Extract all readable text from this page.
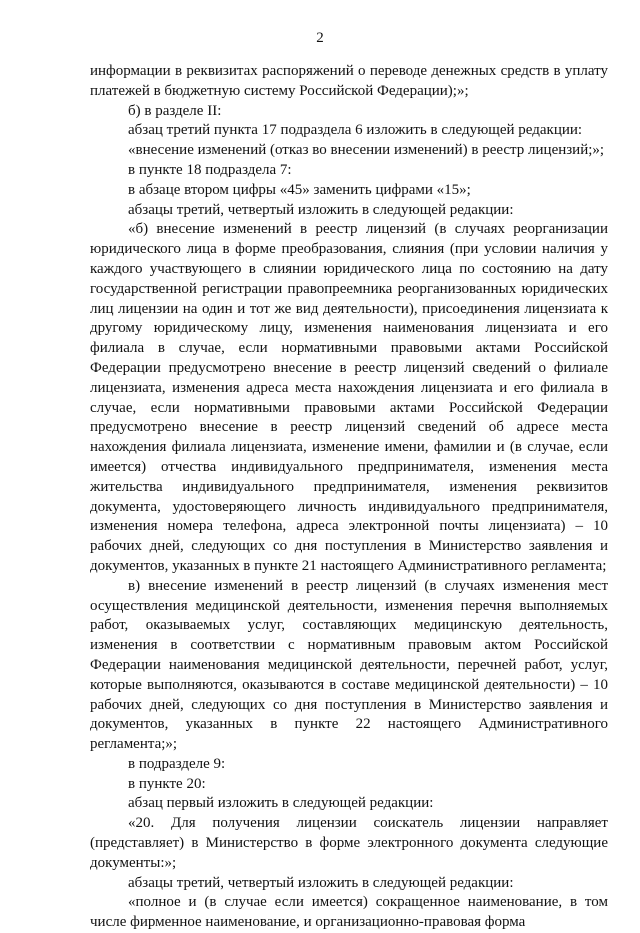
2

информации в реквизитах распоряжений о переводе денежных средств в уплату платежей в бюджетную систему Российской Федерации);»;

б) в разделе II:

абзац третий пункта 17 подраздела 6 изложить в следующей редакции:

«внесение изменений (отказ во внесении изменений) в реестр лицензий;»;

в пункте 18 подраздела 7:

в абзаце втором цифры «45» заменить цифрами «15»;

абзацы третий, четвертый изложить в следующей редакции:

«б) внесение изменений в реестр лицензий (в случаях реорганизации юридического лица в форме преобразования, слияния (при условии наличия у каждого участвующего в слиянии юридического лица по состоянию на дату государственной регистрации правопреемника реорганизованных юридических лиц лицензии на один и тот же вид деятельности), присоединения лицензиата к другому юридическому лицу, изменения наименования лицензиата и его филиала в случае, если нормативными правовыми актами Российской Федерации предусмотрено внесение в реестр лицензий сведений о филиале лицензиата, изменения адреса места нахождения лицензиата и его филиала в случае, если нормативными правовыми актами Российской Федерации предусмотрено внесение в реестр лицензий сведений об адресе места нахождения филиала лицензиата, изменение имени, фамилии и (в случае, если имеется) отчества индивидуального предпринимателя, изменения места жительства индивидуального предпринимателя, изменения реквизитов документа, удостоверяющего личность индивидуального предпринимателя, изменения номера телефона, адреса электронной почты лицензиата) – 10 рабочих дней, следующих со дня поступления в Министерство заявления и документов, указанных в пункте 21 настоящего Административного регламента;

в) внесение изменений в реестр лицензий (в случаях изменения мест осуществления медицинской деятельности, изменения перечня выполняемых работ, оказываемых услуг, составляющих медицинскую деятельность, изменения в соответствии с нормативным правовым актом Российской Федерации наименования медицинской деятельности, перечней работ, услуг, которые выполняются, оказываются в составе медицинской деятельности) – 10 рабочих дней, следующих со дня поступления в Министерство заявления и документов, указанных в пункте 22 настоящего Административного регламента;»;

в подразделе 9:

в пункте 20:

абзац первый изложить в следующей редакции:

«20. Для получения лицензии соискатель лицензии направляет (представляет) в Министерство в форме электронного документа следующие документы:»;

абзацы третий, четвертый изложить в следующей редакции:

«полное и (в случае если имеется) сокращенное наименование, в том числе фирменное наименование, и организационно-правовая форма
